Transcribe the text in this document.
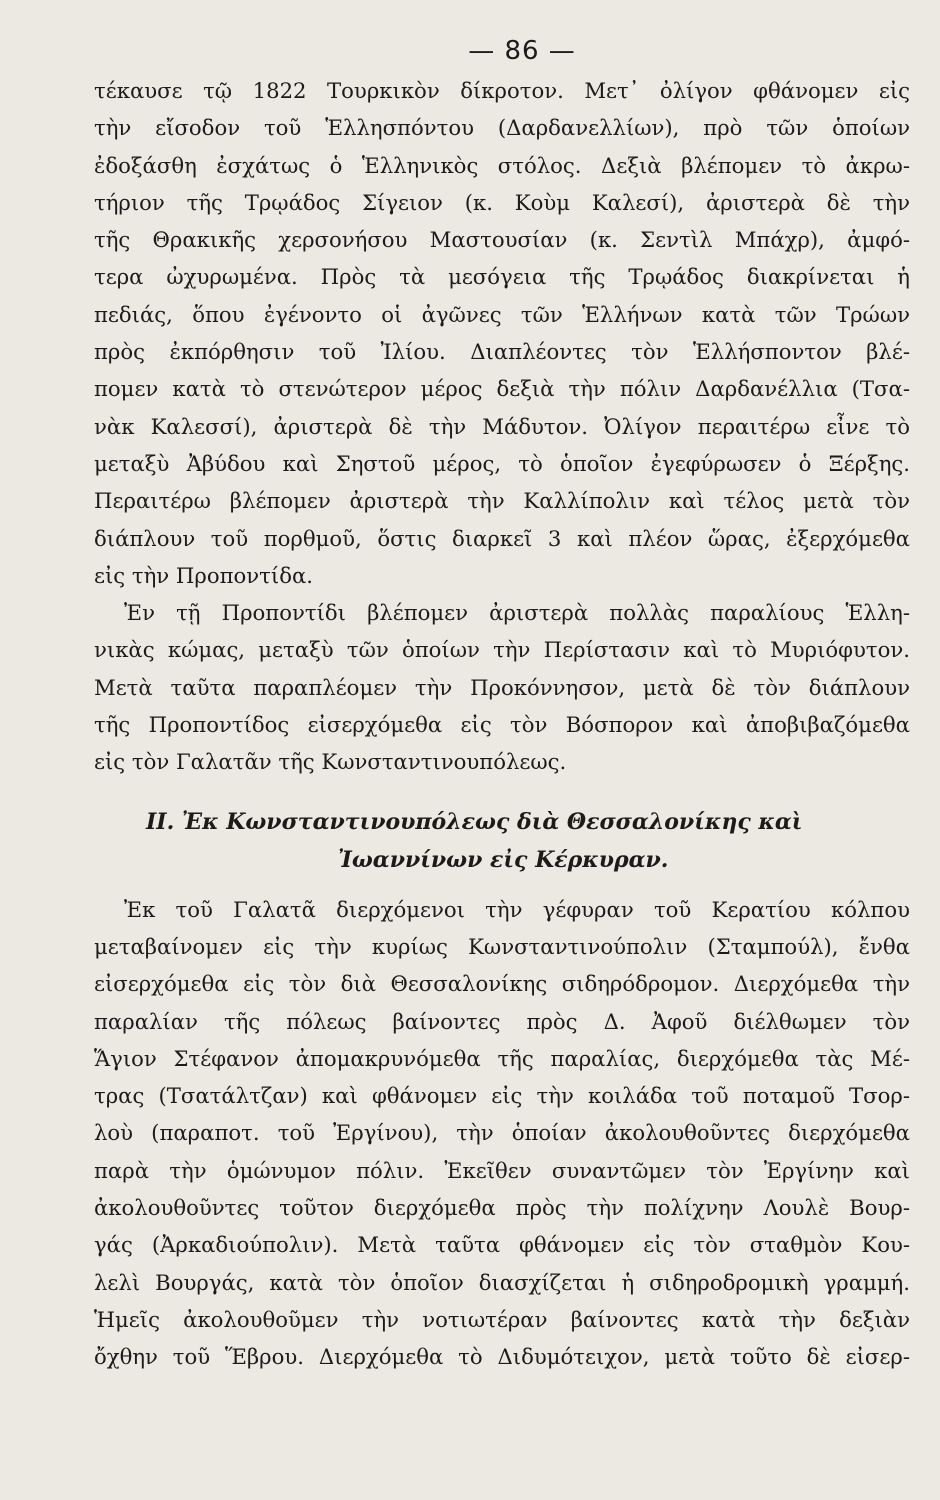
— 86 —
τέκαυσε τῷ 1822 Τουρκικὸν δίκροτον. Μετ᾽ ὀλίγον φθάνομεν εἰς
τὴν εἴσοδον τοῦ Ἑλλησπόντου (Δαρδανελλίων), πρὸ τῶν ὁποίων
ἐδοξάσθη ἐσχάτως ὁ Ἑλληνικὸς στόλος. Δεξιὰ βλέπομεν τὸ ἀκρω-
τήριον τῆς Τρῳάδος Σίγειον (κ. Κοὺμ Καλεσί), ἀριστερὰ δὲ τὴν
τῆς Θρακικῆς χερσονήσου Μαστουσίαν (κ. Σεντὶλ Μπάχρ), ἀμφό-
τερα ὠχυρωμένα. Πρὸς τὰ μεσόγεια τῆς Τρῳάδος διακρίνεται ἡ
πεδιάς, ὅπου ἐγένοντο οἱ ἀγῶνες τῶν Ἑλλήνων κατὰ τῶν Τρώων
πρὸς ἐκπόρθησιν τοῦ Ἰλίου. Διαπλέοντες τὸν Ἑλλήσποντον βλέ-
πομεν κατὰ τὸ στενώτερον μέρος δεξιὰ τὴν πόλιν Δαρδανέλλια (Τσα-
νὰκ Καλεσσί), ἀριστερὰ δὲ τὴν Μάδυτον. Ὀλίγον περαιτέρω εἶνε τὸ
μεταξὺ Ἀβύδου καὶ Σηστοῦ μέρος, τὸ ὁποῖον ἐγεφύρωσεν ὁ Ξέρξης.
Περαιτέρω βλέπομεν ἀριστερὰ τὴν Καλλίπολιν καὶ τέλος μετὰ τὸν
διάπλουν τοῦ πορθμοῦ, ὅστις διαρκεῖ 3 καὶ πλέον ὥρας, ἐξερχόμεθα
εἰς τὴν Προποντίδα.
Ἐν τῇ Προποντίδι βλέπομεν ἀριστερὰ πολλὰς παραλίους Ἑλλη-
νικὰς κώμας, μεταξὺ τῶν ὁποίων τὴν Περίστασιν καὶ τὸ Μυριόφυτον.
Μετὰ ταῦτα παραπλέομεν τὴν Προκόννησον, μετὰ δὲ τὸν διάπλουν
τῆς Προποντίδος εἰσερχόμεθα εἰς τὸν Βόσπορον καὶ ἀποβιβαζόμεθα
εἰς τὸν Γαλατᾶν τῆς Κωνσταντινουπόλεως.
II. Ἐκ Κωνσταντινουπόλεως διὰ Θεσσαλονίκης καὶ
Ἰωαννίνων εἰς Κέρκυραν.
Ἐκ τοῦ Γαλατᾶ διερχόμενοι τὴν γέφυραν τοῦ Κερατίου κόλπου
μεταβαίνομεν εἰς τὴν κυρίως Κωνσταντινούπολιν (Σταμπούλ), ἔνθα
εἰσερχόμεθα εἰς τὸν διὰ Θεσσαλονίκης σιδηρόδρομον. Διερχόμεθα τὴν
παραλίαν τῆς πόλεως βαίνοντες πρὸς Δ. Ἀφοῦ διέλθωμεν τὸν
Ἅγιον Στέφανον ἀπομακρυνόμεθα τῆς παραλίας, διερχόμεθα τὰς Μέ-
τρας (Τσατάλτζαν) καὶ φθάνομεν εἰς τὴν κοιλάδα τοῦ ποταμοῦ Τσορ-
λοὺ (παραποτ. τοῦ Ἐργίνου), τὴν ὁποίαν ἀκολουθοῦντες διερχόμεθα
παρὰ τὴν ὁμώνυμον πόλιν. Ἐκεῖθεν συναντῶμεν τὸν Ἐργίνην καὶ
ἀκολουθοῦντες τοῦτον διερχόμεθα πρὸς τὴν πολίχνην Λουλὲ Βουρ-
γάς (Ἀρκαδιούπολιν). Μετὰ ταῦτα φθάνομεν εἰς τὸν σταθμὸν Κου-
λελὶ Βουργάς, κατὰ τὸν ὁποῖον διασχίζεται ἡ σιδηροδρομικὴ γραμμή.
Ἡμεῖς ἀκολουθοῦμεν τὴν νοτιωτέραν βαίνοντες κατὰ τὴν δεξιὰν
ὄχθην τοῦ Ἕβρου. Διερχόμεθα τὸ Διδυμότειχον, μετὰ τοῦτο δὲ εἰσερ-
